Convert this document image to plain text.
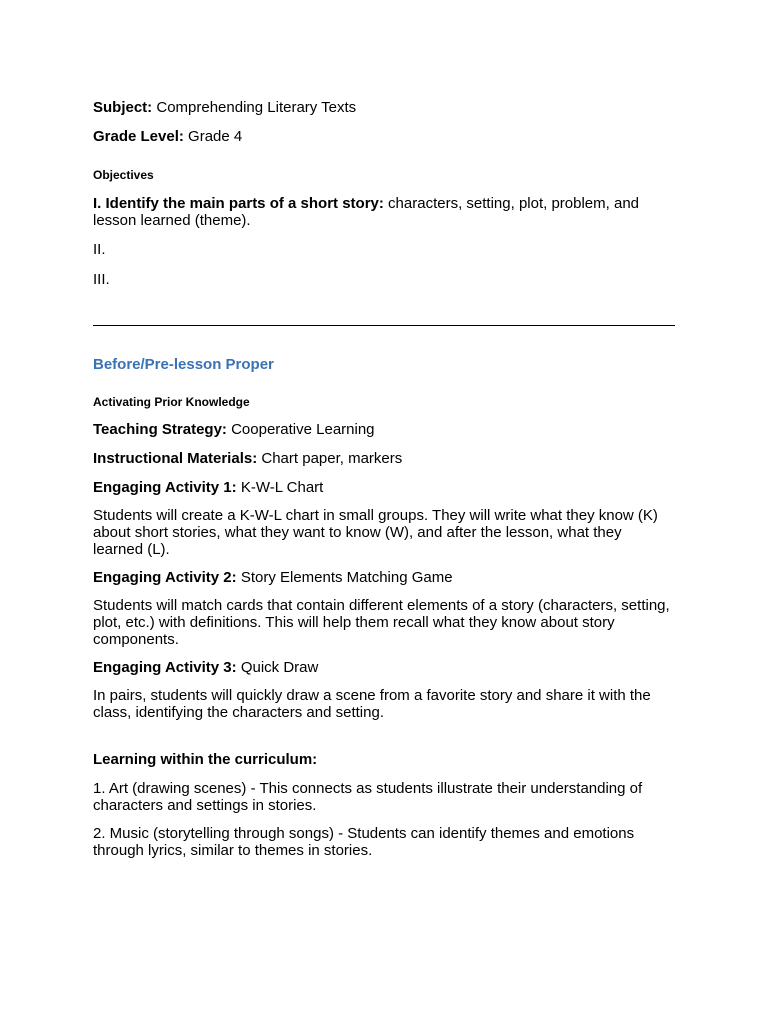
Subject: Comprehending Literary Texts

Grade Level: Grade 4

Objectives

I. Identify the main parts of a short story: characters, setting, plot, problem, and lesson learned (theme).

II.

III.

Before/Pre-lesson Proper

Activating Prior Knowledge

Teaching Strategy: Cooperative Learning

Instructional Materials: Chart paper, markers

Engaging Activity 1: K-W-L Chart

Students will create a K-W-L chart in small groups. They will write what they know (K) about short stories, what they want to know (W), and after the lesson, what they learned (L).

Engaging Activity 2: Story Elements Matching Game

Students will match cards that contain different elements of a story (characters, setting, plot, etc.) with definitions. This will help them recall what they know about story components.

Engaging Activity 3: Quick Draw

In pairs, students will quickly draw a scene from a favorite story and share it with the class, identifying the characters and setting.

Learning within the curriculum:

1. Art (drawing scenes) - This connects as students illustrate their understanding of characters and settings in stories.

2. Music (storytelling through songs) - Students can identify themes and emotions through lyrics, similar to themes in stories.
